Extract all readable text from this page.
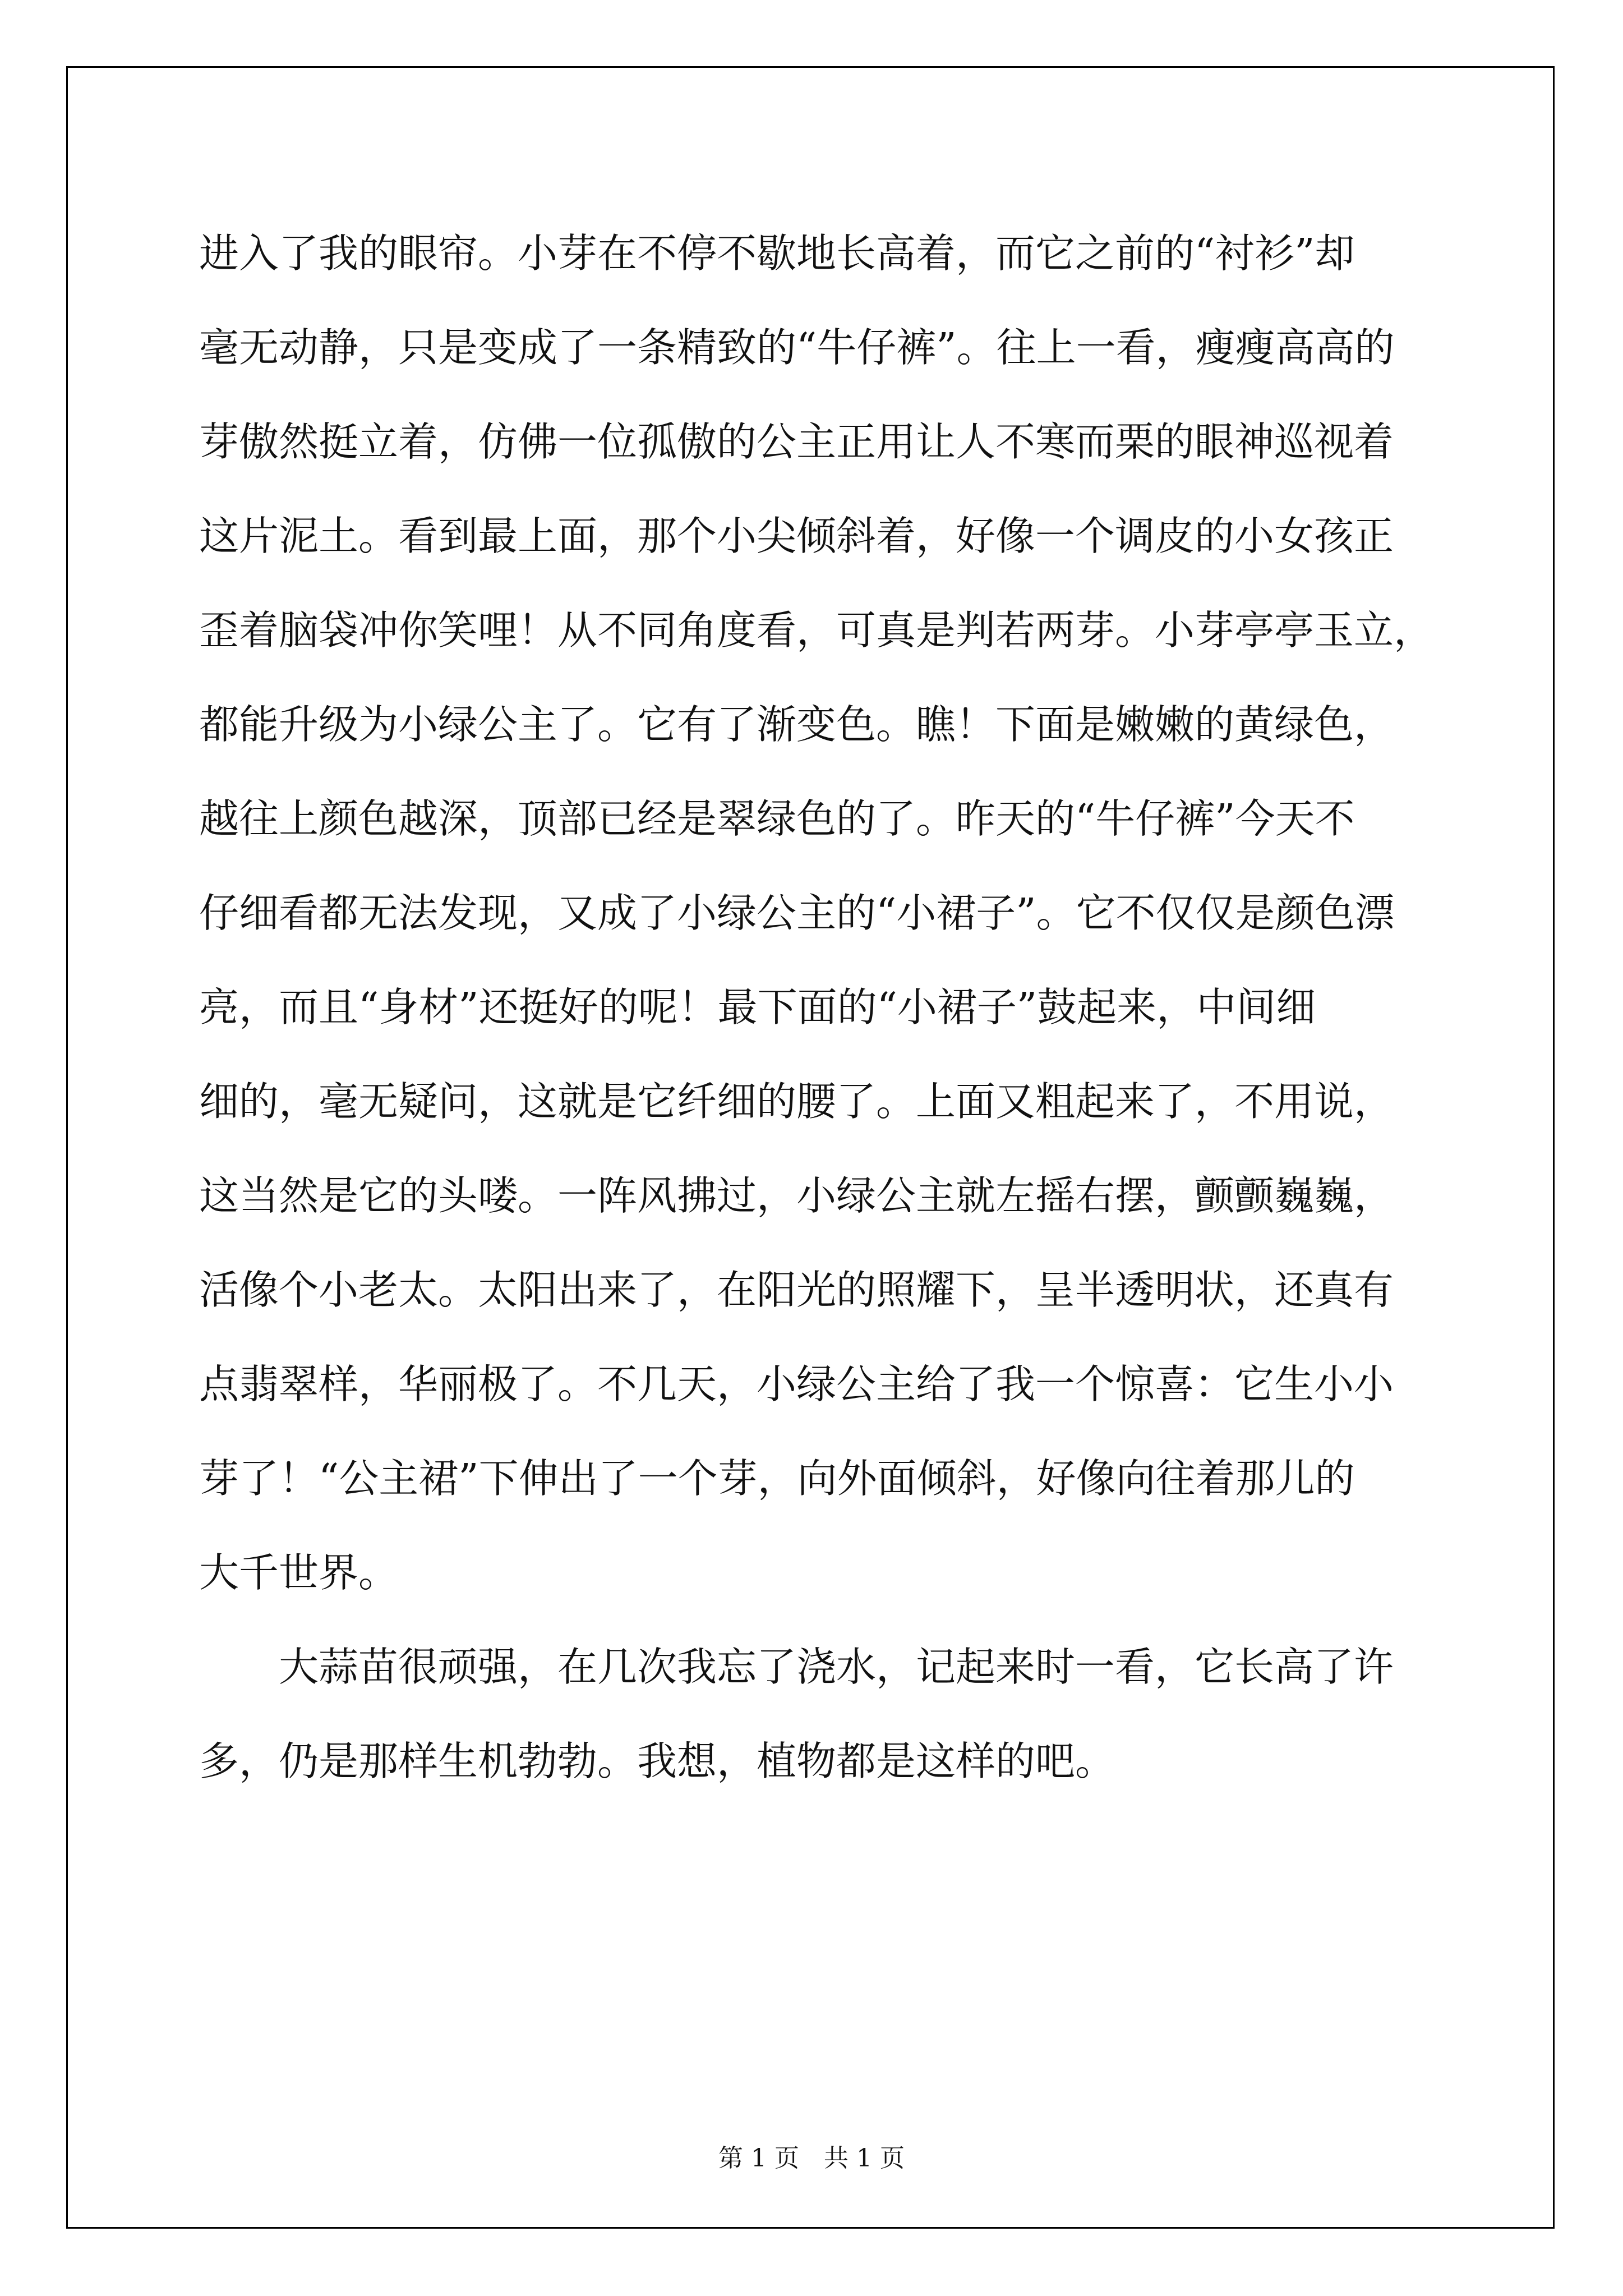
进入了我的眼帘。小芽在不停不歇地长高着，而它之前的“衬衫”却
毫无动静，只是变成了一条精致的“牛仔裤”。往上一看，瘦瘦高高的
芽傲然挺立着，仿佛一位孤傲的公主正用让人不寒而栗的眼神巡视着
这片泥土。看到最上面，那个小尖倾斜着，好像一个调皮的小女孩正
歪着脑袋冲你笑哩！从不同角度看，可真是判若两芽。小芽亭亭玉立，
都能升级为小绿公主了。它有了渐变色。瞧！下面是嫩嫩的黄绿色，
越往上颜色越深，顶部已经是翠绿色的了。昨天的“牛仔裤”今天不
仔细看都无法发现，又成了小绿公主的“小裙子”。它不仅仅是颜色漂
亮，而且“身材”还挺好的呢！最下面的“小裙子”鼓起来，中间细
细的，毫无疑问，这就是它纤细的腰了。上面又粗起来了，不用说，
这当然是它的头喽。一阵风拂过，小绿公主就左摇右摆，颤颤巍巍，
活像个小老太。太阳出来了，在阳光的照耀下，呈半透明状，还真有
点翡翠样，华丽极了。不几天，小绿公主给了我一个惊喜：它生小小
芽了！“公主裙”下伸出了一个芽，向外面倾斜，好像向往着那儿的
大千世界。
　　大蒜苗很顽强，在几次我忘了浇水，记起来时一看，它长高了许
多，仍是那样生机勃勃。我想，植物都是这样的吧。
第 1 页　共 1 页
